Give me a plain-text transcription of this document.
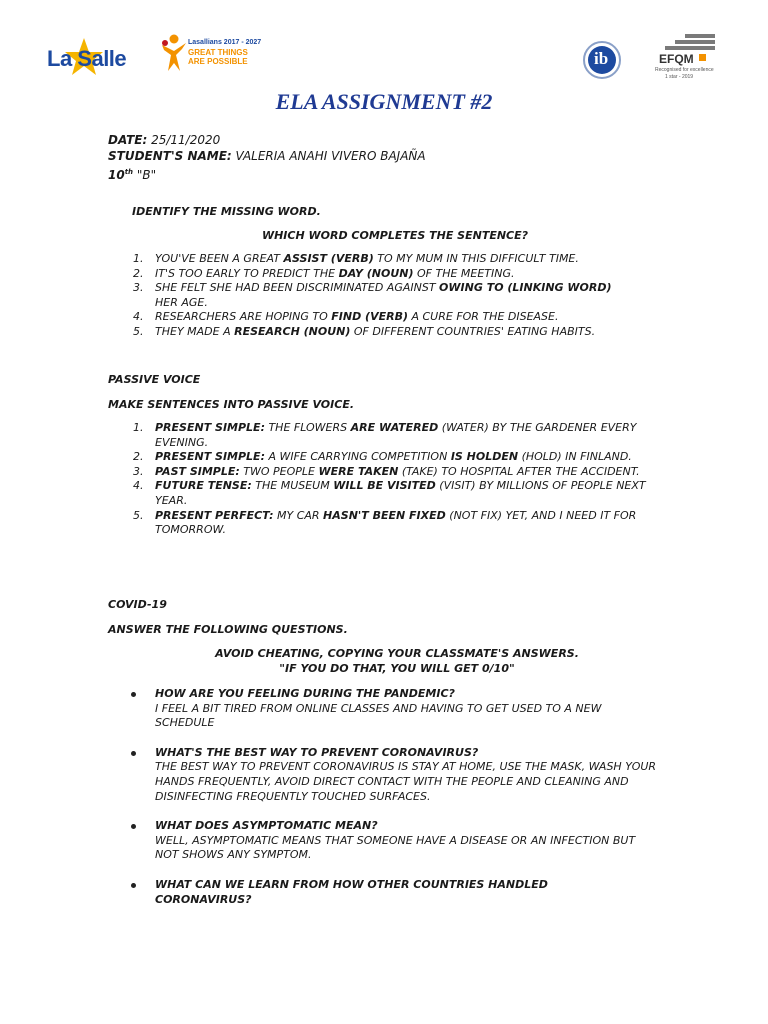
La Salle
Lasallians 2017 - 2027
GREAT THINGS
ARE POSSIBLE	ib	EFQM
Recognised for excellence
1 star - 2019
ELA ASSIGNMENT #2
DATE: 25/11/2020
STUDENT'S NAME: VALERIA ANAHI VIVERO BAJAÑA
10th "B"
IDENTIFY THE MISSING WORD.
WHICH WORD COMPLETES THE SENTENCE?
1. YOU'VE BEEN A GREAT ASSIST (VERB) TO MY MUM IN THIS DIFFICULT TIME.
2. IT'S TOO EARLY TO PREDICT THE DAY (NOUN) OF THE MEETING.
3. SHE FELT SHE HAD BEEN DISCRIMINATED AGAINST OWING TO (LINKING WORD) HER AGE.
4. RESEARCHERS ARE HOPING TO FIND (VERB) A CURE FOR THE DISEASE.
5. THEY MADE A RESEARCH (NOUN) OF DIFFERENT COUNTRIES' EATING HABITS.
PASSIVE VOICE
MAKE SENTENCES INTO PASSIVE VOICE.
1. PRESENT SIMPLE: THE FLOWERS ARE WATERED (WATER) BY THE GARDENER EVERY EVENING.
2. PRESENT SIMPLE: A WIFE CARRYING COMPETITION IS HOLDEN (HOLD) IN FINLAND.
3. PAST SIMPLE: TWO PEOPLE WERE TAKEN (TAKE) TO HOSPITAL AFTER THE ACCIDENT.
4. FUTURE TENSE: THE MUSEUM WILL BE VISITED (VISIT) BY MILLIONS OF PEOPLE NEXT YEAR.
5. PRESENT PERFECT: MY CAR HASN'T BEEN FIXED (NOT FIX) YET, AND I NEED IT FOR TOMORROW.
COVID-19
ANSWER THE FOLLOWING QUESTIONS.
AVOID CHEATING, COPYING YOUR CLASSMATE'S ANSWERS.
"IF YOU DO THAT, YOU WILL GET 0/10"
HOW ARE YOU FEELING DURING THE PANDEMIC?
I FEEL A BIT TIRED FROM ONLINE CLASSES AND HAVING TO GET USED TO A NEW SCHEDULE
WHAT'S THE BEST WAY TO PREVENT CORONAVIRUS?
THE BEST WAY TO PREVENT CORONAVIRUS IS STAY AT HOME, USE THE MASK, WASH YOUR HANDS FREQUENTLY, AVOID DIRECT CONTACT WITH THE PEOPLE AND CLEANING AND DISINFECTING FREQUENTLY TOUCHED SURFACES.
WHAT DOES ASYMPTOMATIC MEAN?
WELL, ASYMPTOMATIC MEANS THAT SOMEONE HAVE A DISEASE OR AN INFECTION BUT NOT SHOWS ANY SYMPTOM.
WHAT CAN WE LEARN FROM HOW OTHER COUNTRIES HANDLED CORONAVIRUS?
